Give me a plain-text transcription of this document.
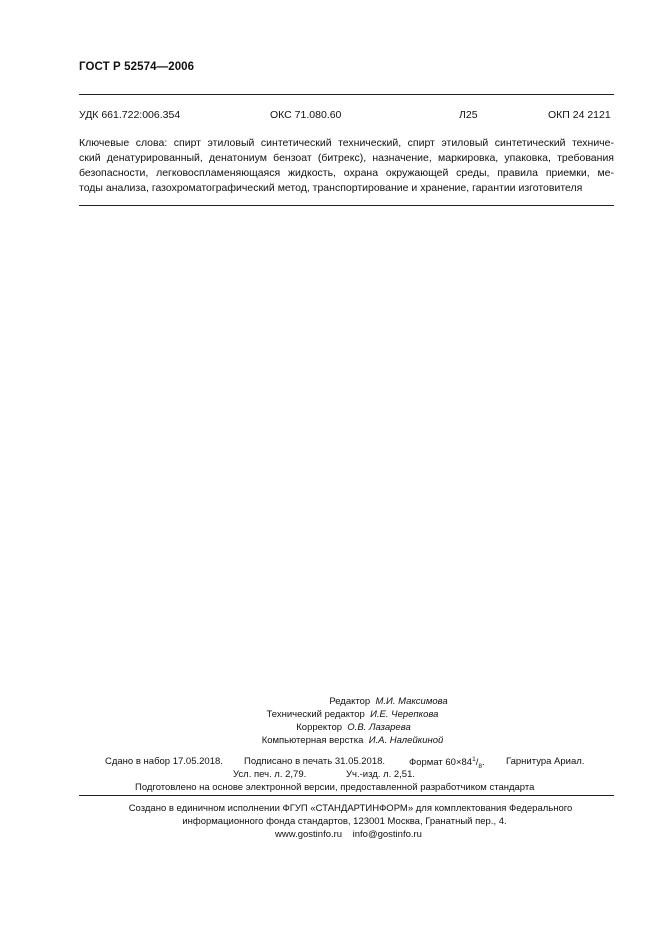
ГОСТ Р 52574—2006
УДК 661.722:006.354	ОКС 71.080.60	Л25	ОКП 24 2121
Ключевые слова: спирт этиловый синтетический технический, спирт этиловый синтетический техниче-
ский денатурированный, денатониум бензоат (битрекс), назначение, маркировка, упаковка, требования
безопасности, легковоспламеняющаяся жидкость, охрана окружающей среды, правила приемки, ме-
тоды анализа, газохроматографический метод, транспортирование и хранение, гарантии изготовителя
Редактор М.И. Максимова
Технический редактор И.Е. Черепкова
Корректор О.В. Лазарева
Компьютерная верстка И.А. Налейкиной
Сдано в набор 17.05.2018. Подписано в печать 31.05.2018.	Формат $60\times 84^1/_8$. Гарнитура Ариал.
Усл. печ. л. 2,79.	Уч.-изд. л. 2,51.
Подготовлено на основе электронной версии, предоставленной разработчиком стандарта
Создано в единичном исполнении ФГУП «СТАНДАРТИНФОРМ» для комплектования Федерального
информационного фонда стандартов, 123001 Москва, Гранатный пер., 4.
www.gostinfo.ru info@gostinfo.ru
